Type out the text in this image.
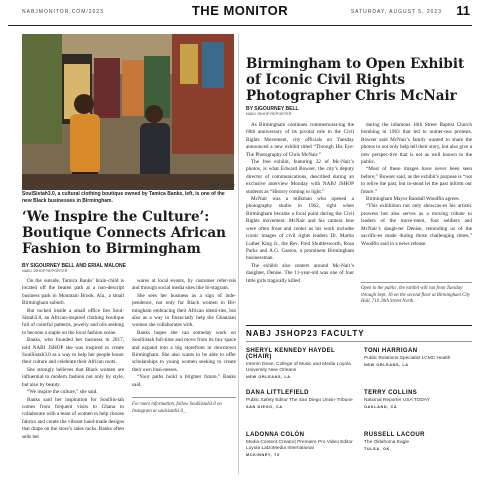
NABJMONITOR.COM/2023	THE MONITOR	SATURDAY, AUGUST 5, 2023 11
JSHOP23 STAFF
SoulSistah3.0, a cultural clothing boutique owned by Tamica Banks, left, is one of the new Black businesses in Birmingham.
‘We Inspire the Culture’: Boutique Connects African Fashion to Birmingham
BY SIGOURNEY BELL AND ERIAL MALONE
NABJ JSHOP REPORTER

On the outside, Tamica Banks’ brain-child is located off the beaten path at a non-descript business park in Mountain Brook, Ala., a small Birmingham suburb.

But tucked inside a small office lies Soul-Sistah3.0, an African-inspired clothing boutique full of colorful patterns, jewelry and oils seeking to become a staple on the local fashion scene.

Banks, who founded her business in 2017, told NABJ JSHOP she was inspired to create SoulSistah3.0 as a way to help her people honor their culture and celebrate their African roots.

She strongly believes that Black women are influential to modern fashion not only by style, but also by beauty.

“We inspire the culture,” she said.

Banks said her inspiration for SoulSis-tah comes from frequent visits to Ghana to collaborate with a team of women to help choose fabrics and create the vibrant hand-made designs that drape on the store’s sales racks. Banks often sells her

wares at local events, by customer refer-rals and through social media sites like In-stagram.

She sees her business as a sign of inde-pendence, not only for Black women in Bir-mingham embracing their African identi-ties, but also as a way to financially help the Ghanaian women she collaborates with.

Banks hopes she can someday work on SoulSistah full-time and move from its tiny space and expand into a big storefront in downtown Birmingham. She also wants to be able to offer scholarships to young women seeking to create their own busi-nesses.

“Your paths build a brighter future,” Banks said.

For more information, follow SoulSistah3.0 on Instagram at soulsistah3.0_

Birmingham to Open Exhibit of Iconic Civil Rights Photographer Chris McNair
BY SIGOURNEY BELL
NABJ JSHOP REPORTER

As Birmingham continues commemorat-ing the 60th anniversary of its pivotal role in the Civil Rights Movement, city officials on Tuesday announced a new exhibit titled “Through His Eye: The Photography of Chris McNair.”

The free exhibit, featuring 22 of Mc-Nair’s photos, is what Edward Bowser, the city’s deputy director of communications, described during an exclusive interview Monday with NABJ JSHOP students as “History coming to light.”

McNair was a milkman who opened a photography studio in 1962, right when Birmingham became a focal point during the Civil Rights movement. McNair and his camera lens were often front and center as his work includes iconic images of civil rights leaders Dr. Martin Luther King Jr., the Rev. Fred Shuttlesworth, Rosa Parks and A.G. Gaston, a prominent Birmingham businessman.

The exhibit also centers around Mc-Nair’s daughter, Denise. The 11-year-old was one of four little girls tragically killed

during the infamous 16th Street Baptist Church bombing in 1963 that led to numer-ous protests. Bowser said McNair’s family wanted to share the photos to not only help tell their story, but also give a new perspec-tive that is not as well known to the public.

“Most of these images have never been seen before,” Bowser said, as the exhibit’s purpose is “not to relive the past, but in-stead let the past inform our future.”

Birmingham Mayor Randall Woodfin agrees.

“This exhibition not only showcas-es his artistic prowess but also serves as a moving tribute to leaders of the move-ment, foot soldiers and McNair’s daugh-ter Denise, reminding us of the sacrific-es made during those challenging times,” Woodfin said in a news release.

Open to the public, the exhibit will run from Tuesday through Sept. 16 on the second floor at Birmingham City Hall, 710 20th Street North.

NABJ JSHOP23 FACULTY
SHERYL KENNEDY HAYDEL (CHAIR)
Interim Dean, College of Music and Media Loyola University New Orleans
NEW ORLEANS, LA
TONI HARRIGAN
Public Relations Specialist LCMC Health
NEW ORLEANS, LA
DANA LITTLEFIELD
Public Safety Editor The San Diego Union-Tribune
SAN DIEGO, CA
TERRY COLLINS
National Reporter USA TODAY
OAKLAND, CA
LADONNA COLÓN
Media Content Creator| Premiere Pro Video Editor Loyola LaDoMedia International
MCKINNEY, TX
RUSSELL LACOUR
The Oklahoma Eagle
TULSA, OK
